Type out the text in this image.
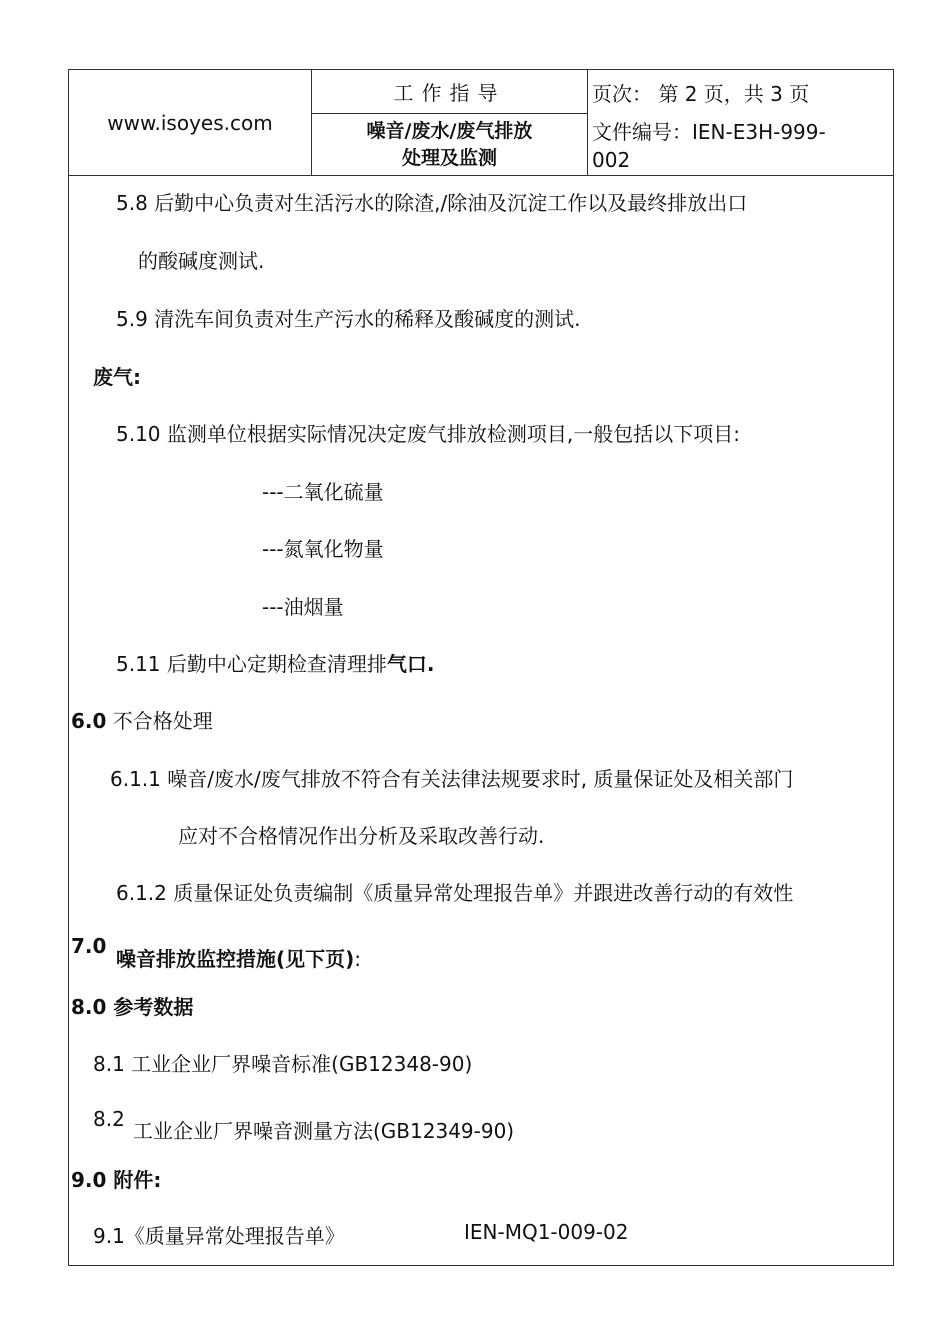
www.isoyes.com
工作指导
噪音/废水/废气排放
处理及监测
页次： 第 2 页，共 3 页
文件编号：IEN-E3H-999-
002
5.8 后勤中心负责对生活污水的除渣,/除油及沉淀工作以及最终排放出口
的酸碱度测试.
5.9 清洗车间负责对生产污水的稀释及酸碱度的测试.
废气:
5.10 监测单位根据实际情况决定废气排放检测项目,一般包括以下项目:
---二氧化硫量
---氮氧化物量
---油烟量
5.11 后勤中心定期检查清理排气口.
6.0 不合格处理
6.1.1 噪音/废水/废气排放不符合有关法律法规要求时, 质量保证处及相关部门
应对不合格情况作出分析及采取改善行动.
6.1.2 质量保证处负责编制《质量异常处理报告单》并跟进改善行动的有效性
7.0
噪音排放监控措施(见下页):
8.0 参考数据
8.1 工业企业厂界噪音标准(GB12348-90)
8.2 工业企业厂界噪音测量方法(GB12349-90)
9.0 附件:
9.1《质量异常处理报告单》	IEN-MQ1-009-02
